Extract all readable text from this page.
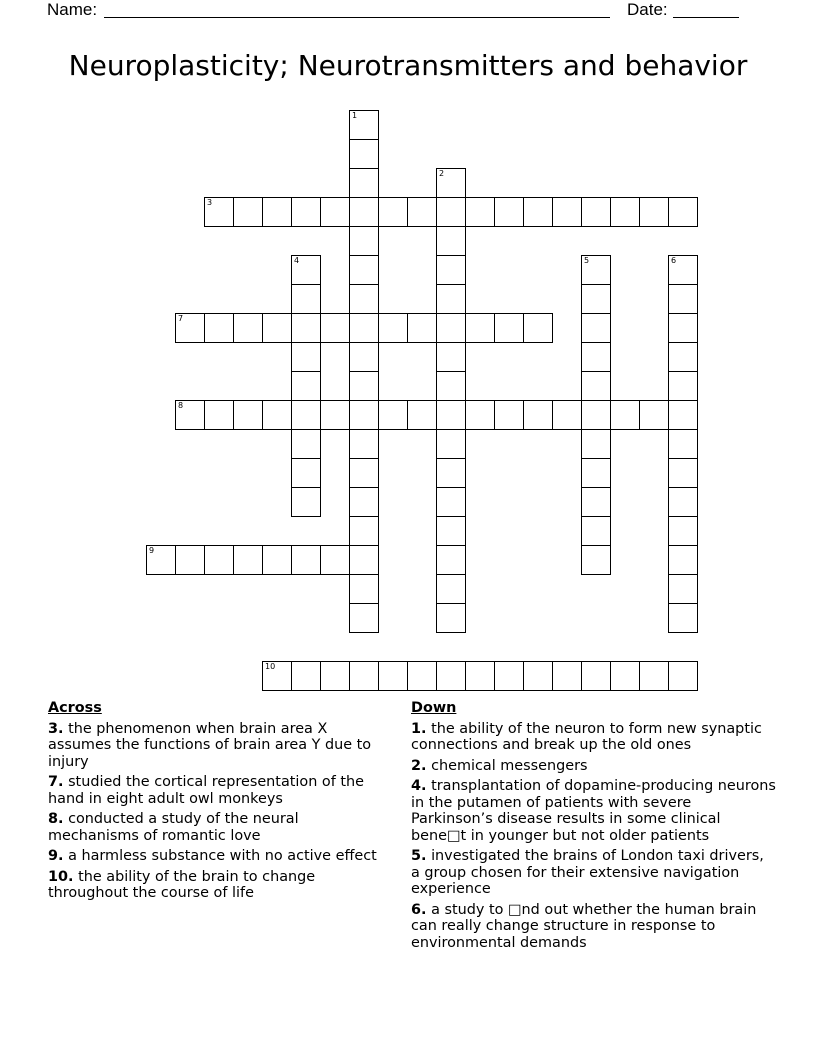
Name:	Date:
Neuroplasticity; Neurotransmitters and behavior
1
2
3
4	5	6
7
8
9
10
Across
3. the phenomenon when brain area X assumes the functions of brain area Y due to injury
7. studied the cortical representation of the hand in eight adult owl monkeys
8. conducted a study of the neural mechanisms of romantic love
9. a harmless substance with no active effect
10. the ability of the brain to change throughout the course of life
Down
1. the ability of the neuron to form new synaptic connections and break up the old ones
2. chemical messengers
4. transplantation of dopamine-producing neurons in the putamen of patients with severe Parkinson’s disease results in some clinical bene□t in younger but not older patients
5. investigated the brains of London taxi drivers, a group chosen for their extensive navigation experience
6. a study to □nd out whether the human brain can really change structure in response to environmental demands
